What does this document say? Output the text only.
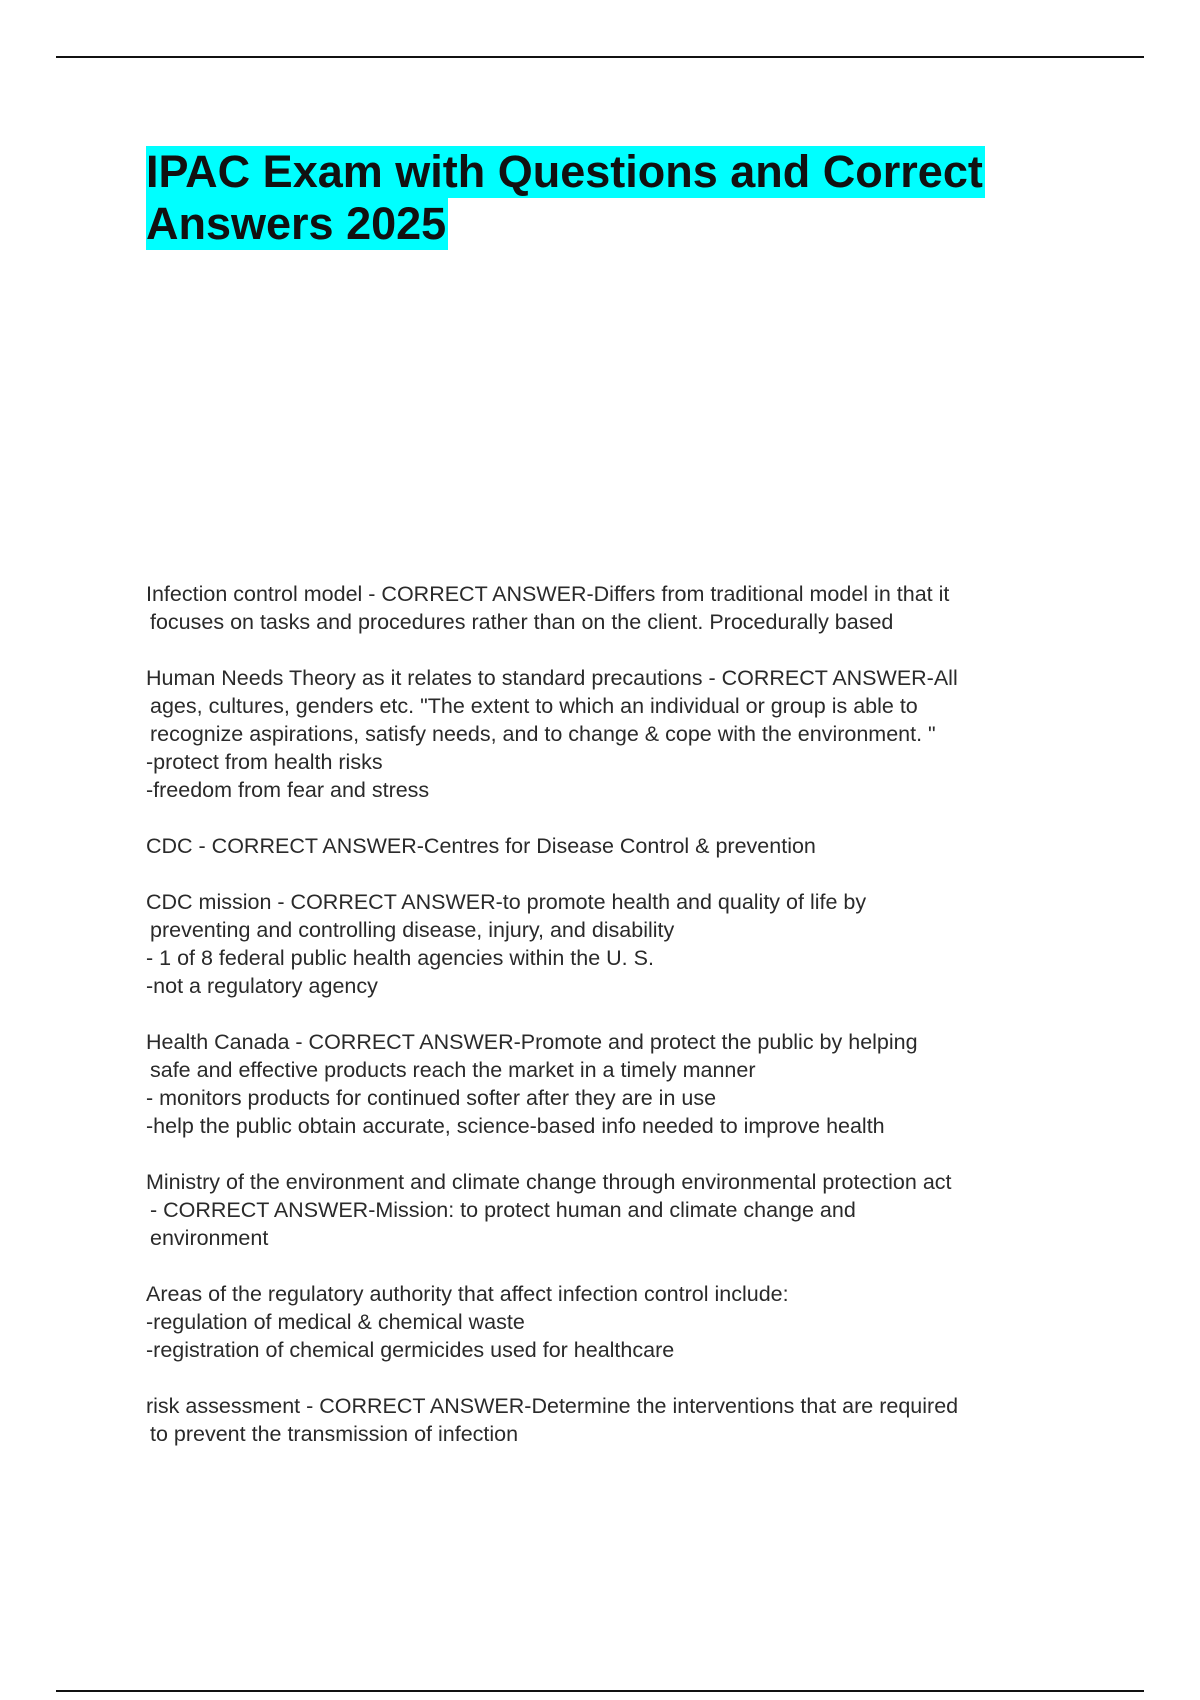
IPAC Exam with Questions and Correct
Answers 2025
Infection control model - CORRECT ANSWER-Differs from traditional model in that it
focuses on tasks and procedures rather than on the client. Procedurally based
Human Needs Theory as it relates to standard precautions - CORRECT ANSWER-All
ages, cultures, genders etc. "The extent to which an individual or group is able to
recognize aspirations, satisfy needs, and to change & cope with the environment. "
-protect from health risks
-freedom from fear and stress
CDC - CORRECT ANSWER-Centres for Disease Control & prevention
CDC mission - CORRECT ANSWER-to promote health and quality of life by
preventing and controlling disease, injury, and disability
- 1 of 8 federal public health agencies within the U. S.
-not a regulatory agency
Health Canada - CORRECT ANSWER-Promote and protect the public by helping
safe and effective products reach the market in a timely manner
- monitors products for continued softer after they are in use
-help the public obtain accurate, science-based info needed to improve health
Ministry of the environment and climate change through environmental protection act
- CORRECT ANSWER-Mission: to protect human and climate change and
environment
Areas of the regulatory authority that affect infection control include:
-regulation of medical & chemical waste
-registration of chemical germicides used for healthcare
risk assessment - CORRECT ANSWER-Determine the interventions that are required
to prevent the transmission of infection
